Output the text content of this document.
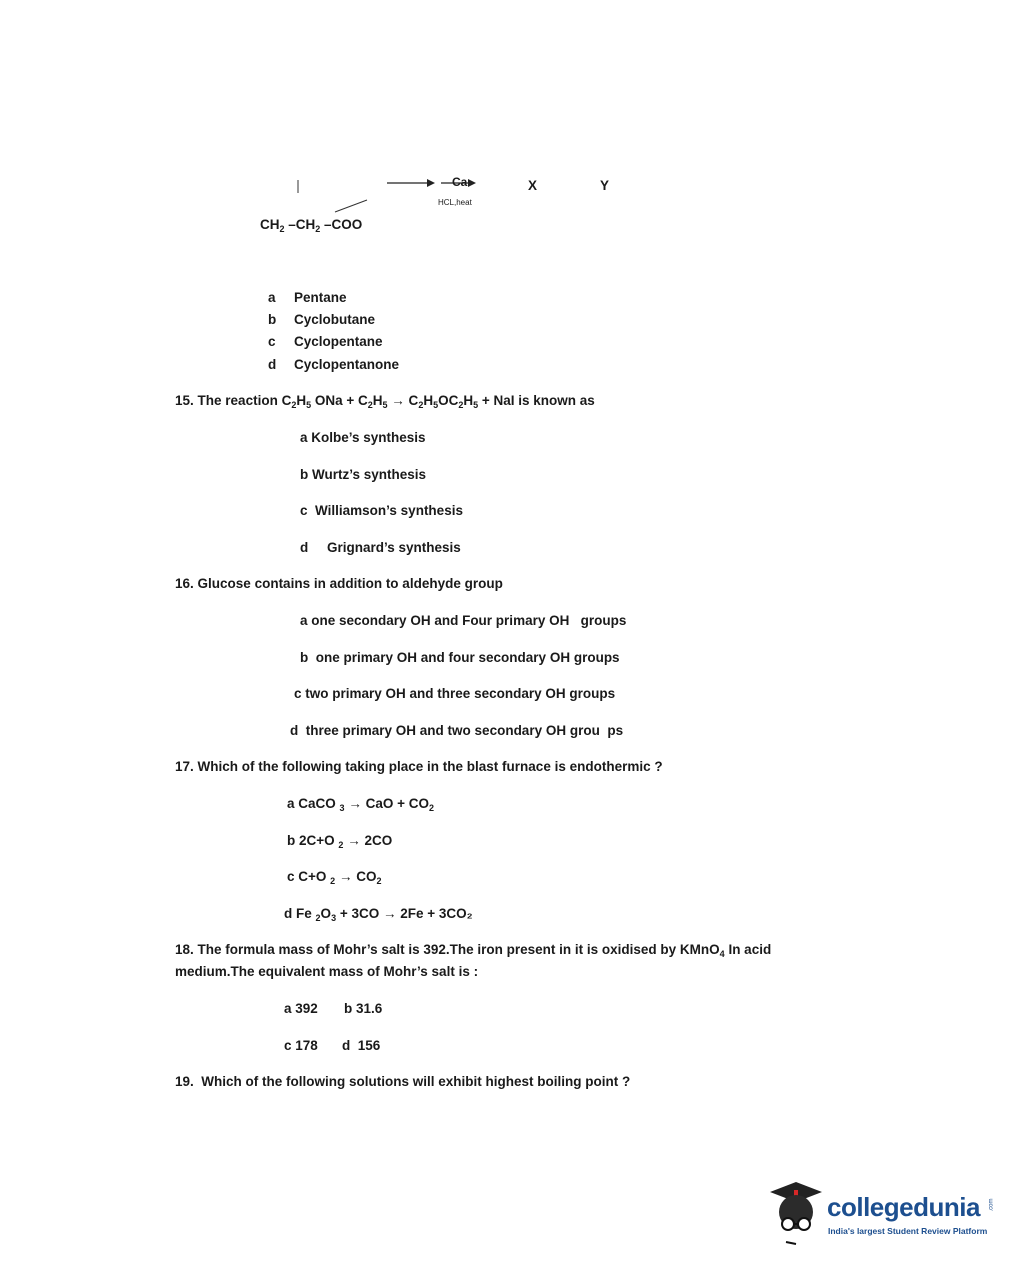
Ca
HCL,heat
X	Y
$CH_2$ $-CH_2$ –COO
a Pentane
b Cyclobutane
c Cyclopentane
d Cyclopentanone
15. The reaction $C_2H_5$ ONa + $C_2H_5 \to C_2H_5OC_2H_5$ + NaI is known as
a Kolbe’s synthesis
b Wurtz’s synthesis
c Williamson’s synthesis
d Grignard’s synthesis
16. Glucose contains in addition to aldehyde group
a one secondary OH and Four primary OH   groups
b one primary OH and four secondary OH groups
c two primary OH and three secondary OH groups
d three primary OH and two secondary OH grou  ps
17. Which of the following taking place in the blast furnace is endothermic ?
a CaCO $_3$ → CaO + $CO_2$
b 2C+O $_2$ → 2CO
c C+O $_2 \to CO_2$
d Fe $_2O_3 + 3CO \to 2Fe + 3CO_2$
18. The formula mass of Mohr’s salt is 392.The iron present in it is oxidised by KMnO$_4$ In acid
medium.The equivalent mass of Mohr’s salt is :
a 392 b 31.6
c 178 d 156
19. Which of the following solutions will exhibit highest boiling point ?
collegedunia .com
India's largest Student Review Platform
